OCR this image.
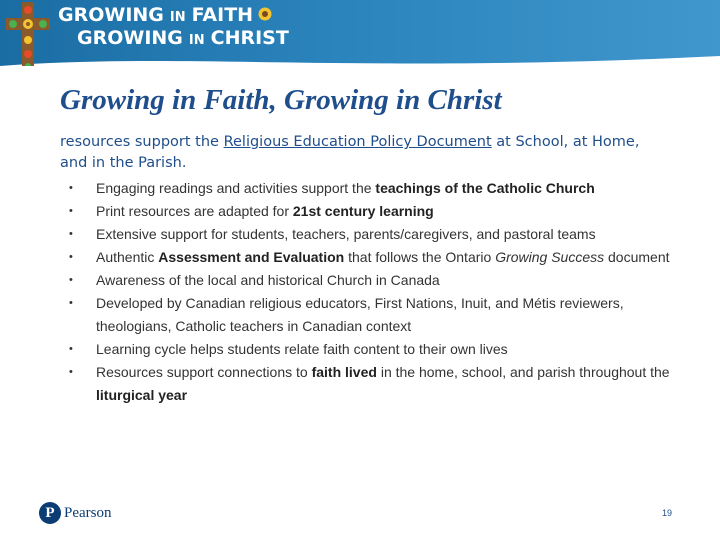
GROWING IN FAITH
GROWING IN CHRIST
Growing in Faith, Growing in Christ

resources support the Religious Education Policy Document at School, at Home, and in the Parish.

• Engaging readings and activities support the teachings of the Catholic Church
• Print resources are adapted for 21st century learning
• Extensive support for students, teachers, parents/caregivers, and pastoral teams
• Authentic Assessment and Evaluation that follows the Ontario Growing Success document
• Awareness of the local and historical Church in Canada
• Developed by Canadian religious educators, First Nations, Inuit, and Métis reviewers, theologians, Catholic teachers in Canadian context
• Learning cycle helps students relate faith content to their own lives
• Resources support connections to faith lived in the home, school, and parish throughout the liturgical year
P Pearson	19
